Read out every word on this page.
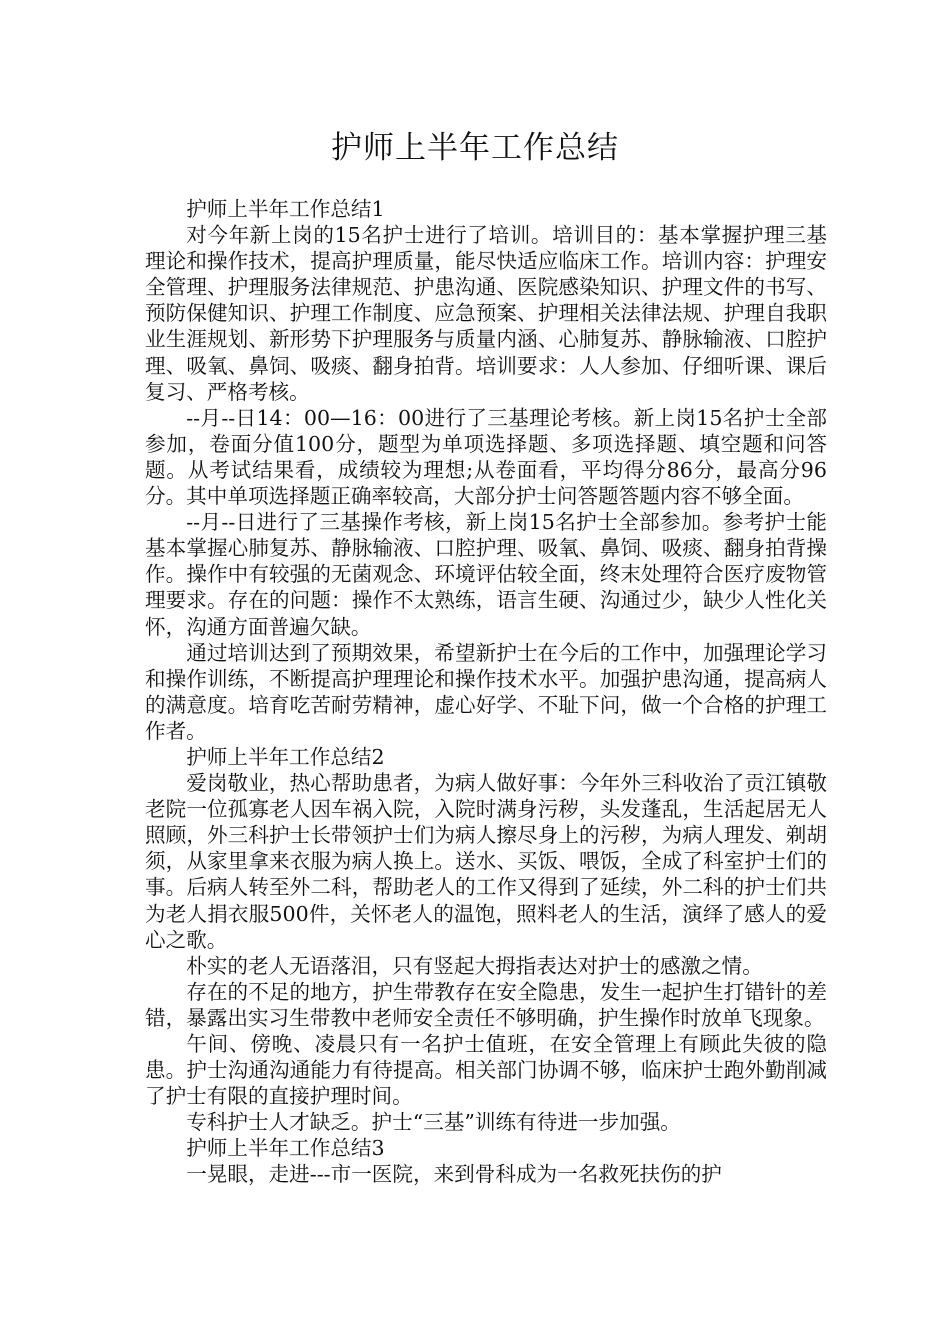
护师上半年工作总结

护师上半年工作总结1

对今年新上岗的15名护士进行了培训。培训目的：基本掌握护理三基理论和操作技术，提高护理质量，能尽快适应临床工作。培训内容：护理安全管理、护理服务法律规范、护患沟通、医院感染知识、护理文件的书写、预防保健知识、护理工作制度、应急预案、护理相关法律法规、护理自我职业生涯规划、新形势下护理服务与质量内涵、心肺复苏、静脉输液、口腔护理、吸氧、鼻饲、吸痰、翻身拍背。培训要求：人人参加、仔细听课、课后复习、严格考核。

--月--日14：00—16：00进行了三基理论考核。新上岗15名护士全部参加，卷面分值100分，题型为单项选择题、多项选择题、填空题和问答题。从考试结果看，成绩较为理想;从卷面看，平均得分86分，最高分96分。其中单项选择题正确率较高，大部分护士问答题答题内容不够全面。

--月--日进行了三基操作考核，新上岗15名护士全部参加。参考护士能基本掌握心肺复苏、静脉输液、口腔护理、吸氧、鼻饲、吸痰、翻身拍背操作。操作中有较强的无菌观念、环境评估较全面，终末处理符合医疗废物管理要求。存在的问题：操作不太熟练，语言生硬、沟通过少，缺少人性化关怀，沟通方面普遍欠缺。

通过培训达到了预期效果，希望新护士在今后的工作中，加强理论学习和操作训练，不断提高护理理论和操作技术水平。加强护患沟通，提高病人的满意度。培育吃苦耐劳精神，虚心好学、不耻下问，做一个合格的护理工作者。

护师上半年工作总结2

爱岗敬业，热心帮助患者，为病人做好事：今年外三科收治了贡江镇敬老院一位孤寡老人因车祸入院，入院时满身污秽，头发蓬乱，生活起居无人照顾，外三科护士长带领护士们为病人擦尽身上的污秽，为病人理发、剃胡须，从家里拿来衣服为病人换上。送水、买饭、喂饭，全成了科室护士们的事。后病人转至外二科，帮助老人的工作又得到了延续，外二科的护士们共为老人捐衣服500件，关怀老人的温饱，照料老人的生活，演绎了感人的爱心之歌。

朴实的老人无语落泪，只有竖起大拇指表达对护士的感激之情。

存在的不足的地方，护生带教存在安全隐患，发生一起护生打错针的差错，暴露出实习生带教中老师安全责任不够明确，护生操作时放单飞现象。

午间、傍晚、凌晨只有一名护士值班，在安全管理上有顾此失彼的隐患。护士沟通沟通能力有待提高。相关部门协调不够，临床护士跑外勤削减了护士有限的直接护理时间。

专科护士人才缺乏。护士“三基”训练有待进一步加强。

护师上半年工作总结3

一晃眼，走进---市一医院，来到骨科成为一名救死扶伤的护
